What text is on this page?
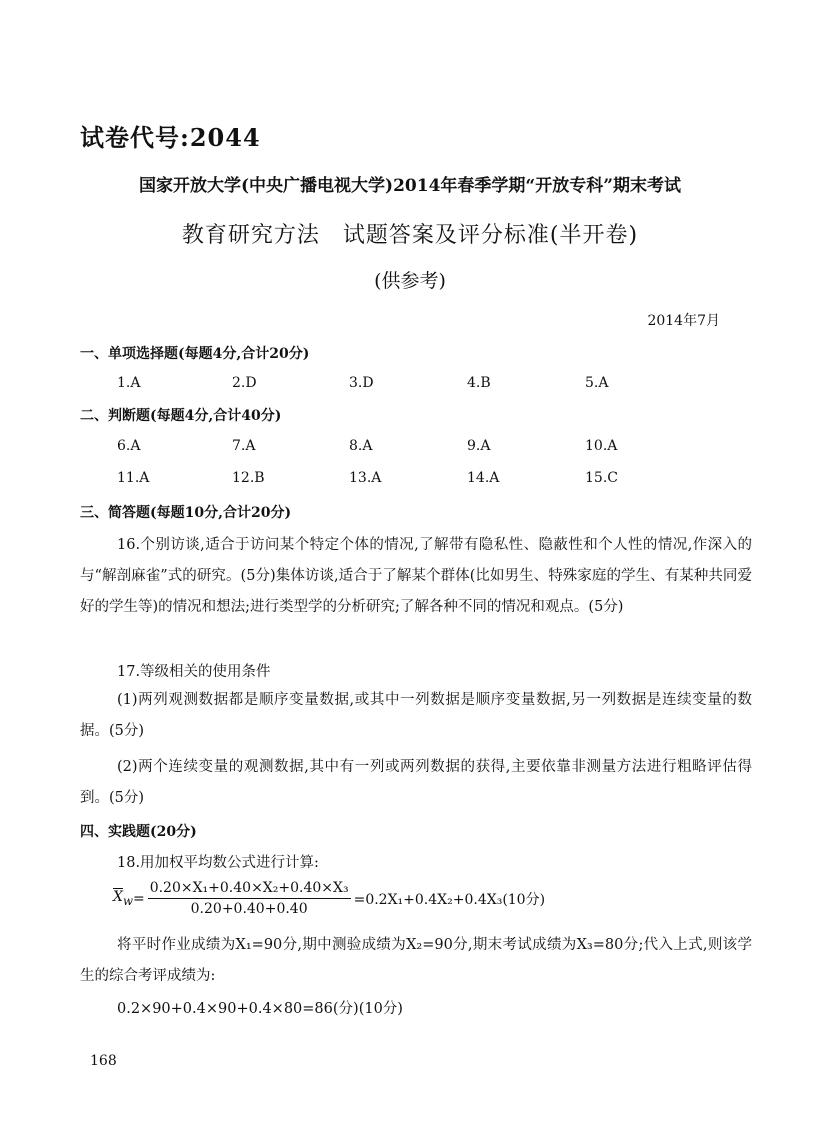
试卷代号:2044
国家开放大学(中央广播电视大学)2014年春季学期“开放专科”期末考试
教育研究方法　试题答案及评分标准(半开卷)
(供参考)
2014年7月
一、单项选择题(每题4分,合计20分)
1.A	2.D	3.D	4.B	5.A
二、判断题(每题4分,合计40分)
6.A	7.A	8.A	9.A	10.A
11.A	12.B	13.A	14.A	15.C
三、简答题(每题10分,合计20分)
16.个别访谈,适合于访问某个特定个体的情况,了解带有隐私性、隐蔽性和个人性的情况,作深入的与“解剖麻雀”式的研究。(5分)集体访谈,适合于了解某个群体(比如男生、特殊家庭的学生、有某种共同爱好的学生等)的情况和想法;进行类型学的分析研究;了解各种不同的情况和观点。(5分)
17.等级相关的使用条件
(1)两列观测数据都是顺序变量数据,或其中一列数据是顺序变量数据,另一列数据是连续变量的数据。(5分)
(2)两个连续变量的观测数据,其中有一列或两列数据的获得,主要依靠非测量方法进行粗略评估得到。(5分)
四、实践题(20分)
18.用加权平均数公式进行计算:
$\overline{X}_w = \frac{\text{0.20×X₁+0.40×X₂+0.40×X₃}}{0.20+0.40+0.40} =0.2X_1+0.4X_2+0.4X_3(10$分)
将平时作业成绩为X₁=90分,期中测验成绩为X₂=90分,期末考试成绩为X₃=80分;代入上式,则该学生的综合考评成绩为:
0.2×90+0.4×90+0.4×80=86(分)(10分)
168
